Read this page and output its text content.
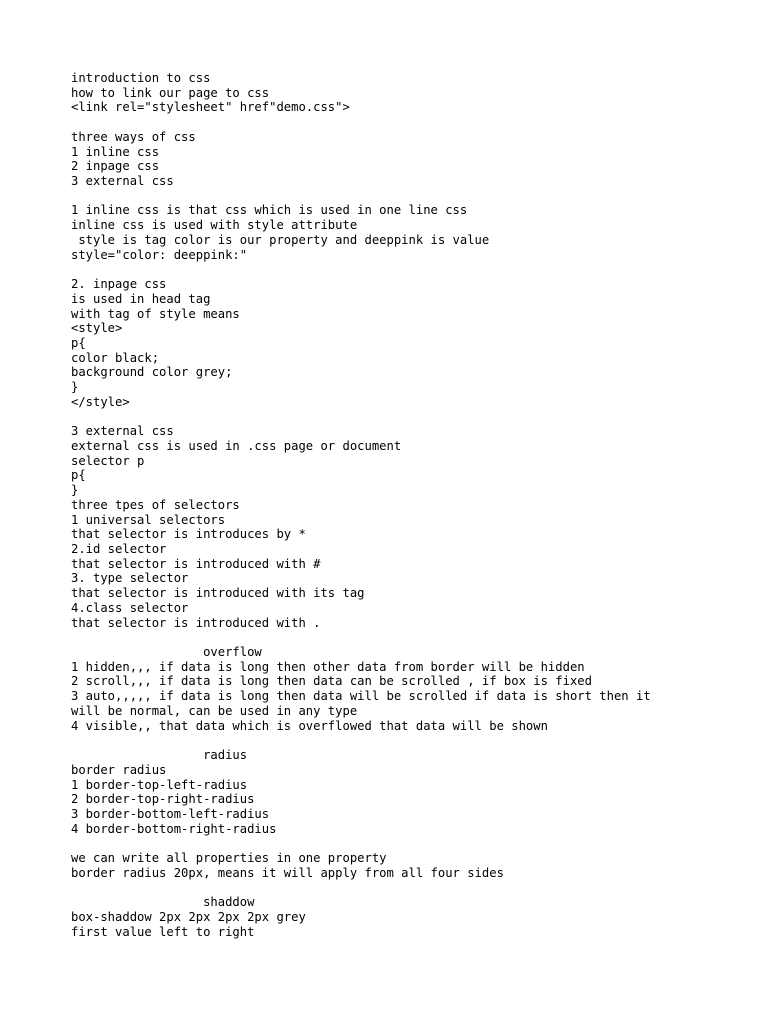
introduction to css
how to link our page to css
<link rel="stylesheet" href"demo.css">
three ways of css
1 inline css
2 inpage css
3 external css
1 inline css is that css which is used in one line css
inline css is used with style attribute
style is tag color is our property and deeppink is value
style="color: deeppink:"
2. inpage css
is used in head tag
with tag of style means
<style>
p{
color black;
background color grey;
}
</style>
3 external css
external css is used in .css page or document
selector p
p{
}
three tpes of selectors
1 universal selectors
that selector is introduces by *
2.id selector
that selector is introduced with #
3. type selector
that selector is introduced with its tag
4.class selector
that selector is introduced with .
overflow
1 hidden,,, if data is long then other data from border will be hidden
2 scroll,,, if data is long then data can be scrolled , if box is fixed
3 auto,,,,, if data is long then data will be scrolled if data is short then it
will be normal, can be used in any type
4 visible,, that data which is overflowed that data will be shown
radius
border radius
1 border-top-left-radius
2 border-top-right-radius
3 border-bottom-left-radius
4 border-bottom-right-radius
we can write all properties in one property
border radius 20px, means it will apply from all four sides
shaddow
box-shaddow 2px 2px 2px 2px grey
first value left to right
